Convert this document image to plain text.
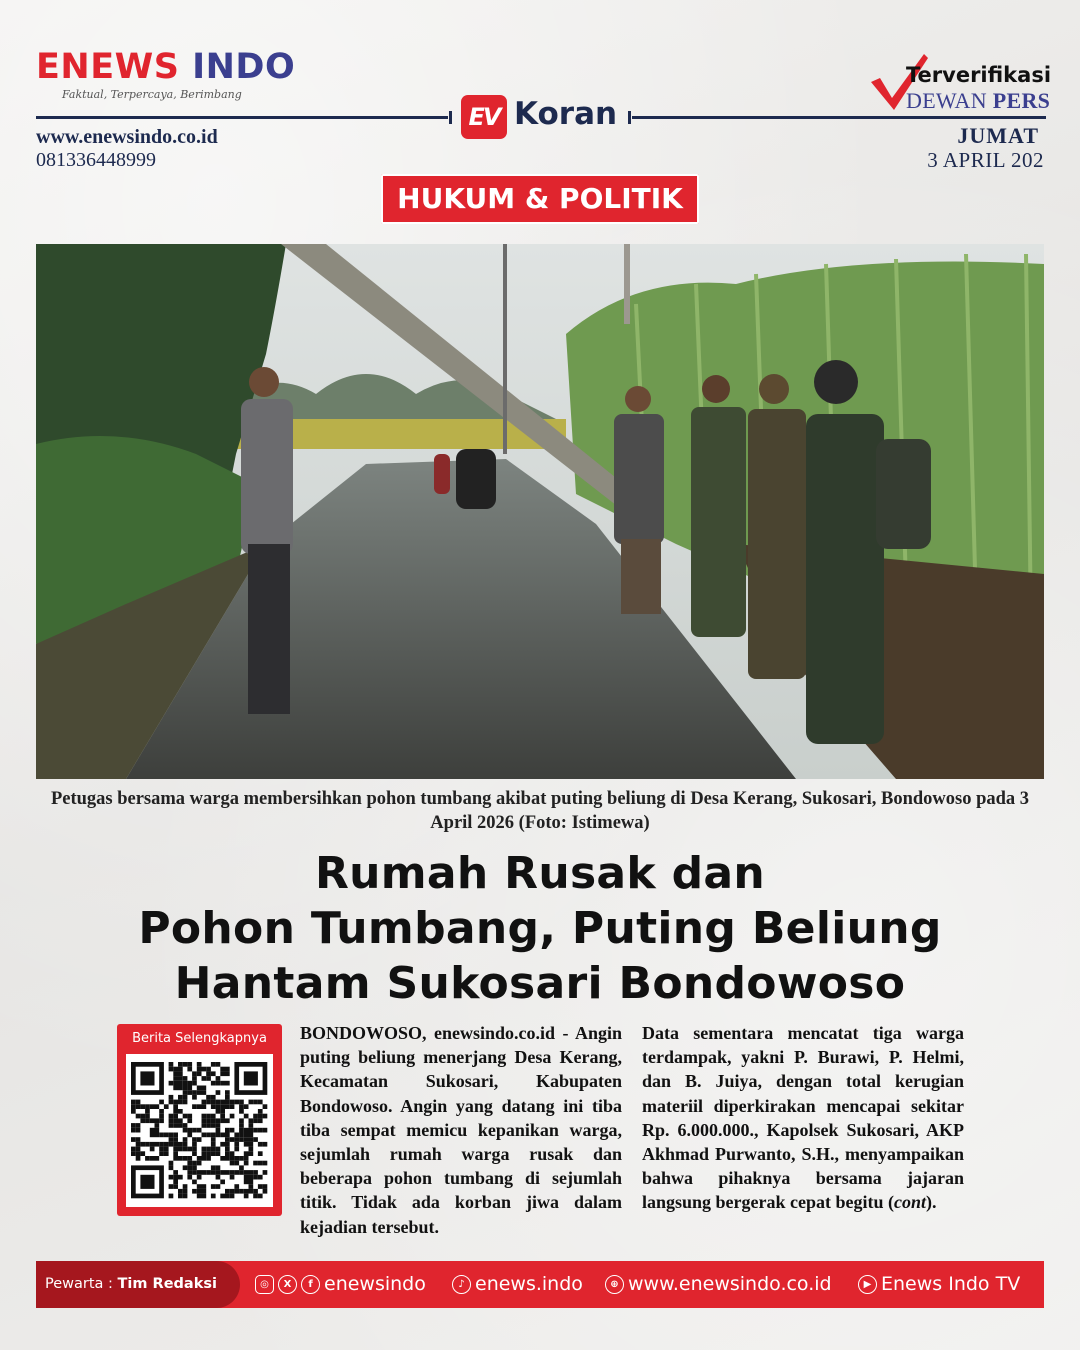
ENEWS INDO
Faktual, Terpercaya, Berimbang
www.enewsindo.co.id
081336448999
EV Koran
Terverifikasi
DEWAN PERS
JUMAT
3 APRIL 202
HUKUM & POLITIK
Petugas bersama warga membersihkan pohon tumbang akibat puting beliung di Desa Kerang, Sukosari, Bondowoso pada 3 April 2026 (Foto: Istimewa)
Rumah Rusak dan
Pohon Tumbang, Puting Beliung
Hantam Sukosari Bondowoso
Berita Selengkapnya	BONDOWOSO, enewsindo.co.id - Angin puting beliung menerjang Desa Kerang, Kecamatan Sukosari, Kabupaten Bondowoso. Angin yang datang ini tiba tiba sempat memicu kepanikan warga, sejumlah rumah warga rusak dan beberapa pohon tumbang di sejumlah titik. Tidak ada korban jiwa dalam kejadian tersebut.
Data sementara mencatat tiga warga terdampak, yakni P. Burawi, P. Helmi, dan B. Juiya, dengan total kerugian materiil diperkirakan mencapai sekitar Rp. 6.000.000., Kapolsek Sukosari, AKP Akhmad Purwanto, S.H., menyampaikan bahwa pihaknya bersama jajaran langsung bergerak cepat begitu (cont).
Pewarta : Tim Redaksi	◎	X	f enewsindo	♪ enews.indo	⊕ www.enewsindo.co.id	▶ Enews Indo TV
